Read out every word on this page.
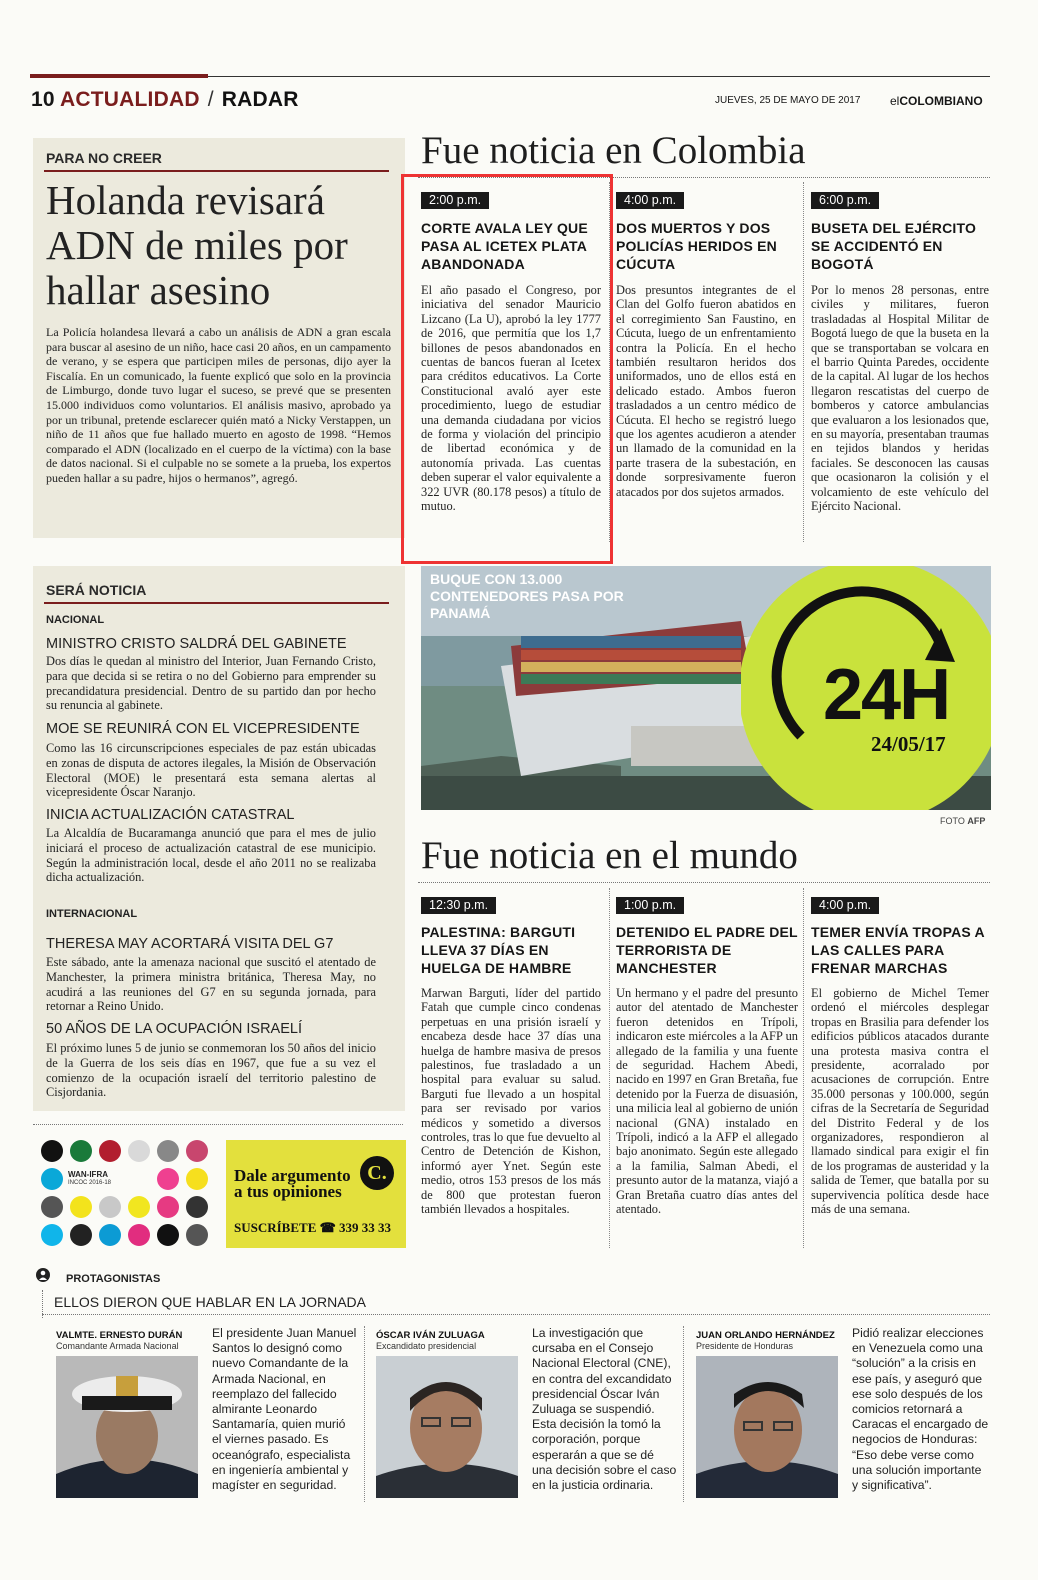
10 ACTUALIDAD / RADAR	JUEVES, 25 DE MAYO DE 2017 elCOLOMBIANO
PARA NO CREER
Holanda revisará ADN de miles por hallar asesino
La Policía holandesa llevará a cabo un análisis de ADN a gran escala para buscar al asesino de un niño, hace casi 20 años, en un campamento de verano, y se espera que participen miles de personas, dijo ayer la Fiscalía. En un comunicado, la fuente explicó que solo en la provincia de Limburgo, donde tuvo lugar el suceso, se prevé que se presenten 15.000 individuos como voluntarios. El análisis masivo, aprobado ya por un tribunal, pretende esclarecer quién mató a Nicky Verstappen, un niño de 11 años que fue hallado muerto en agosto de 1998. “Hemos comparado el ADN (localizado en el cuerpo de la víctima) con la base de datos nacional. Si el culpable no se somete a la prueba, los expertos pueden hallar a su padre, hijos o hermanos”, agregó.
Fue noticia en Colombia
2:00 p.m.
CORTE AVALA LEY QUE PASA AL ICETEX PLATA ABANDONADA
El año pasado el Congreso, por iniciativa del senador Mauricio Lizcano (La U), aprobó la ley 1777 de 2016, que permitía que los 1,7 billones de pesos abandonados en cuentas de bancos fueran al Icetex para créditos educativos. La Corte Constitucional avaló ayer este procedimiento, luego de estudiar una demanda ciudadana por vicios de forma y violación del principio de libertad económica y de autonomía privada. Las cuentas deben superar el valor equivalente a 322 UVR (80.178 pesos) a título de mutuo.
4:00 p.m.
DOS MUERTOS Y DOS POLICÍAS HERIDOS EN CÚCUTA
Dos presuntos integrantes de el Clan del Golfo fueron abatidos en el corregimiento San Faustino, en Cúcuta, luego de un enfrentamiento contra la Policía. En el hecho también resultaron heridos dos uniformados, uno de ellos está en delicado estado. Ambos fueron trasladados a un centro médico de Cúcuta. El hecho se registró luego que los agentes acudieron a atender un llamado de la comunidad en la parte trasera de la subestación, en donde sorpresivamente fueron atacados por dos sujetos armados.
6:00 p.m.
BUSETA DEL EJÉRCITO SE ACCIDENTÓ EN BOGOTÁ
Por lo menos 28 personas, entre civiles y militares, fueron trasladadas al Hospital Militar de Bogotá luego de que la buseta en la que se transportaban se volcara en el barrio Quinta Paredes, occidente de la capital. Al lugar de los hechos llegaron rescatistas del cuerpo de bomberos y catorce ambulancias que evaluaron a los lesionados que, en su mayoría, presentaban traumas en tejidos blandos y heridas faciales. Se desconocen las causas que ocasionaron la colisión y el volcamiento de este vehículo del Ejército Nacional.
SERÁ NOTICIA
NACIONAL
MINISTRO CRISTO SALDRÁ DEL GABINETE
Dos días le quedan al ministro del Interior, Juan Fernando Cristo, para que decida si se retira o no del Gobierno para emprender su precandidatura presidencial. Dentro de su partido dan por hecho su renuncia al gabinete.
MOE SE REUNIRÁ CON EL VICEPRESIDENTE
Como las 16 circunscripciones especiales de paz están ubicadas en zonas de disputa de actores ilegales, la Misión de Observación Electoral (MOE) le presentará esta semana alertas al vicepresidente Óscar Naranjo.
INICIA ACTUALIZACIÓN CATASTRAL
La Alcaldía de Bucaramanga anunció que para el mes de julio iniciará el proceso de actualización catastral de ese municipio. Según la administración local, desde el año 2011 no se realizaba dicha actualización.
INTERNACIONAL
THERESA MAY ACORTARÁ VISITA DEL G7
Este sábado, ante la amenaza nacional que suscitó el atentado de Manchester, la primera ministra británica, Theresa May, no acudirá a las reuniones del G7 en su segunda jornada, para retornar a Reino Unido.
50 AÑOS DE LA OCUPACIÓN ISRAELÍ
El próximo lunes 5 de junio se conmemoran los 50 años del inicio de la Guerra de los seis días en 1967, que fue a su vez el comienzo de la ocupación israelí del territorio palestino de Cisjordania.
BUQUE CON 13.000 CONTENEDORES PASA POR PANAMÁ
24H
24/05/17
FOTO AFP
Fue noticia en el mundo
12:30 p.m.
PALESTINA: BARGUTI LLEVA 37 DÍAS EN HUELGA DE HAMBRE
Marwan Barguti, líder del partido Fatah que cumple cinco condenas perpetuas en una prisión israelí y encabeza desde hace 37 días una huelga de hambre masiva de presos palestinos, fue trasladado a un hospital para evaluar su salud. Barguti fue llevado a un hospital para ser revisado por varios médicos y sometido a diversos controles, tras lo que fue devuelto al Centro de Detención de Kishon, informó ayer Ynet. Según este medio, otros 153 presos de los más de 800 que protestan fueron también llevados a hospitales.
1:00 p.m.
DETENIDO EL PADRE DEL TERRORISTA DE MANCHESTER
Un hermano y el padre del presunto autor del atentado de Manchester fueron detenidos en Trípoli, indicaron este miércoles a la AFP un allegado de la familia y una fuente de seguridad. Hachem Abedi, nacido en 1997 en Gran Bretaña, fue detenido por la Fuerza de disuasión, una milicia leal al gobierno de unión nacional (GNA) instalado en Trípoli, indicó a la AFP el allegado bajo anonimato. Según este allegado a la familia, Salman Abedi, el presunto autor de la matanza, viajó a Gran Bretaña cuatro días antes del atentado.
4:00 p.m.
TEMER ENVÍA TROPAS A LAS CALLES PARA FRENAR MARCHAS
El gobierno de Michel Temer ordenó el miércoles desplegar tropas en Brasilia para defender los edificios públicos atacados durante una protesta masiva contra el presidente, acorralado por acusaciones de corrupción. Entre 35.000 personas y 100.000, según cifras de la Secretaría de Seguridad del Distrito Federal y de los organizadores, respondieron al llamado sindical para exigir el fin de los programas de austeridad y la salida de Temer, que batalla por su supervivencia política desde hace más de una semana.
WAN-IFRA
INCOC 2016-18	Dale argumento
a tus opiniones
C.
SUSCRÍBETE ☎ 339 33 33
PROTAGONISTAS
ELLOS DIERON QUE HABLAR EN LA JORNADA
VALMTE. ERNESTO DURÁN
Comandante Armada Nacional
El presidente Juan Manuel Santos lo designó como nuevo Comandante de la Armada Nacional, en reemplazo del fallecido almirante Leonardo Santamaría, quien murió el viernes pasado. Es oceanógrafo, especialista en ingeniería ambiental y magíster en seguridad.
ÓSCAR IVÁN ZULUAGA
Excandidato presidencial
La investigación que cursaba en el Consejo Nacional Electoral (CNE), en contra del excandidato presidencial Óscar Iván Zuluaga se suspendió. Esta decisión la tomó la corporación, porque esperarán a que se dé una decisión sobre el caso en la justicia ordinaria.
JUAN ORLANDO HERNÁNDEZ
Presidente de Honduras
Pidió realizar elecciones en Venezuela como una “solución” a la crisis en ese país, y aseguró que ese solo después de los comicios retornará a Caracas el encargado de negocios de Honduras: “Eso debe verse como una solución importante y significativa”.
